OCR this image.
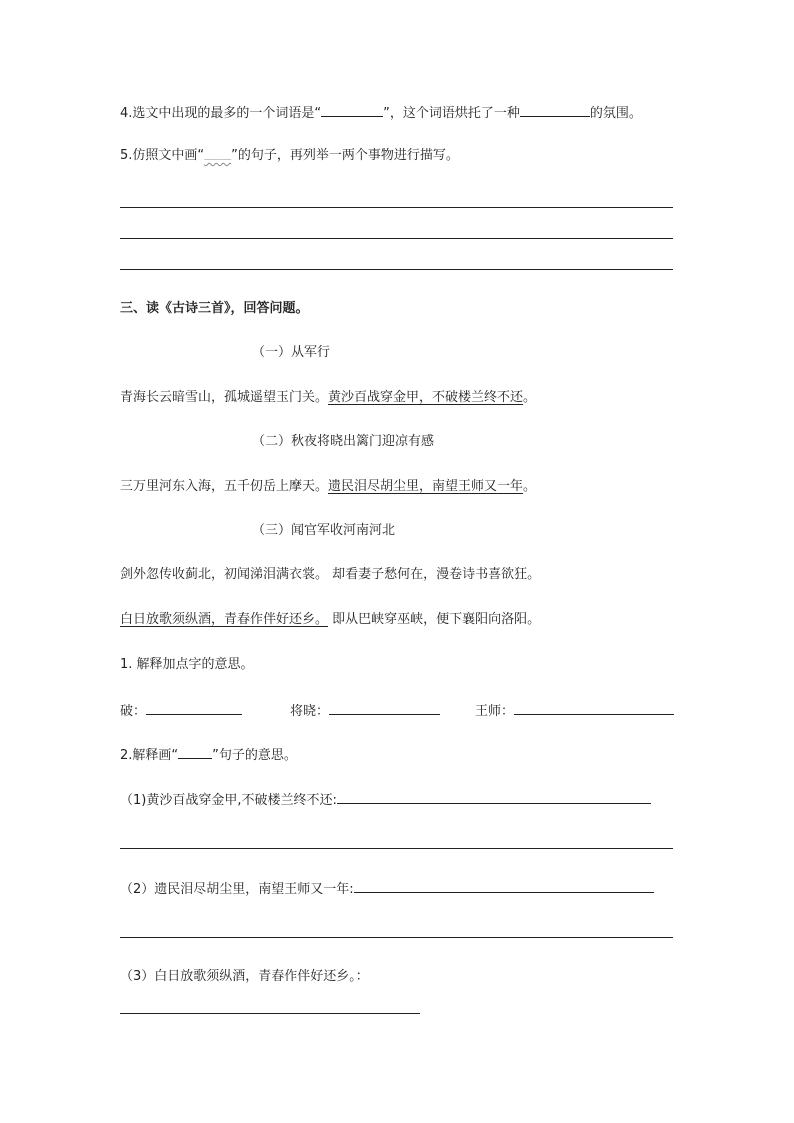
4.选文中出现的最多的一个词语是“	”，这个词语烘托了一种	的氛围。
5.仿照文中画“﹏﹏﹏”的句子，再列举一两个事物进行描写。
三、读《古诗三首》，回答问题。
（一）从军行
青海长云暗雪山，孤城遥望玉门关。黄沙百战穿金甲，不破楼兰终不还。
（二）秋夜将晓出篱门迎凉有感
三万里河东入海，五千仞岳上摩天。遗民泪尽胡尘里，南望王师又一年。
（三）闻官军收河南河北
剑外忽传收蓟北，初闻涕泪满衣裳。 却看妻子愁何在，漫卷诗书喜欲狂。
白日放歌须纵酒，青春作伴好还乡。 即从巴峡穿巫峡，便下襄阳向洛阳。
1. 解释加点字的意思。
破：	将晓：	王师：
2.解释画“	”句子的意思。
（1)黄沙百战穿金甲,不破楼兰终不还:
（2）遗民泪尽胡尘里，南望王师又一年:
（3）白日放歌须纵酒，青春作伴好还乡。：
